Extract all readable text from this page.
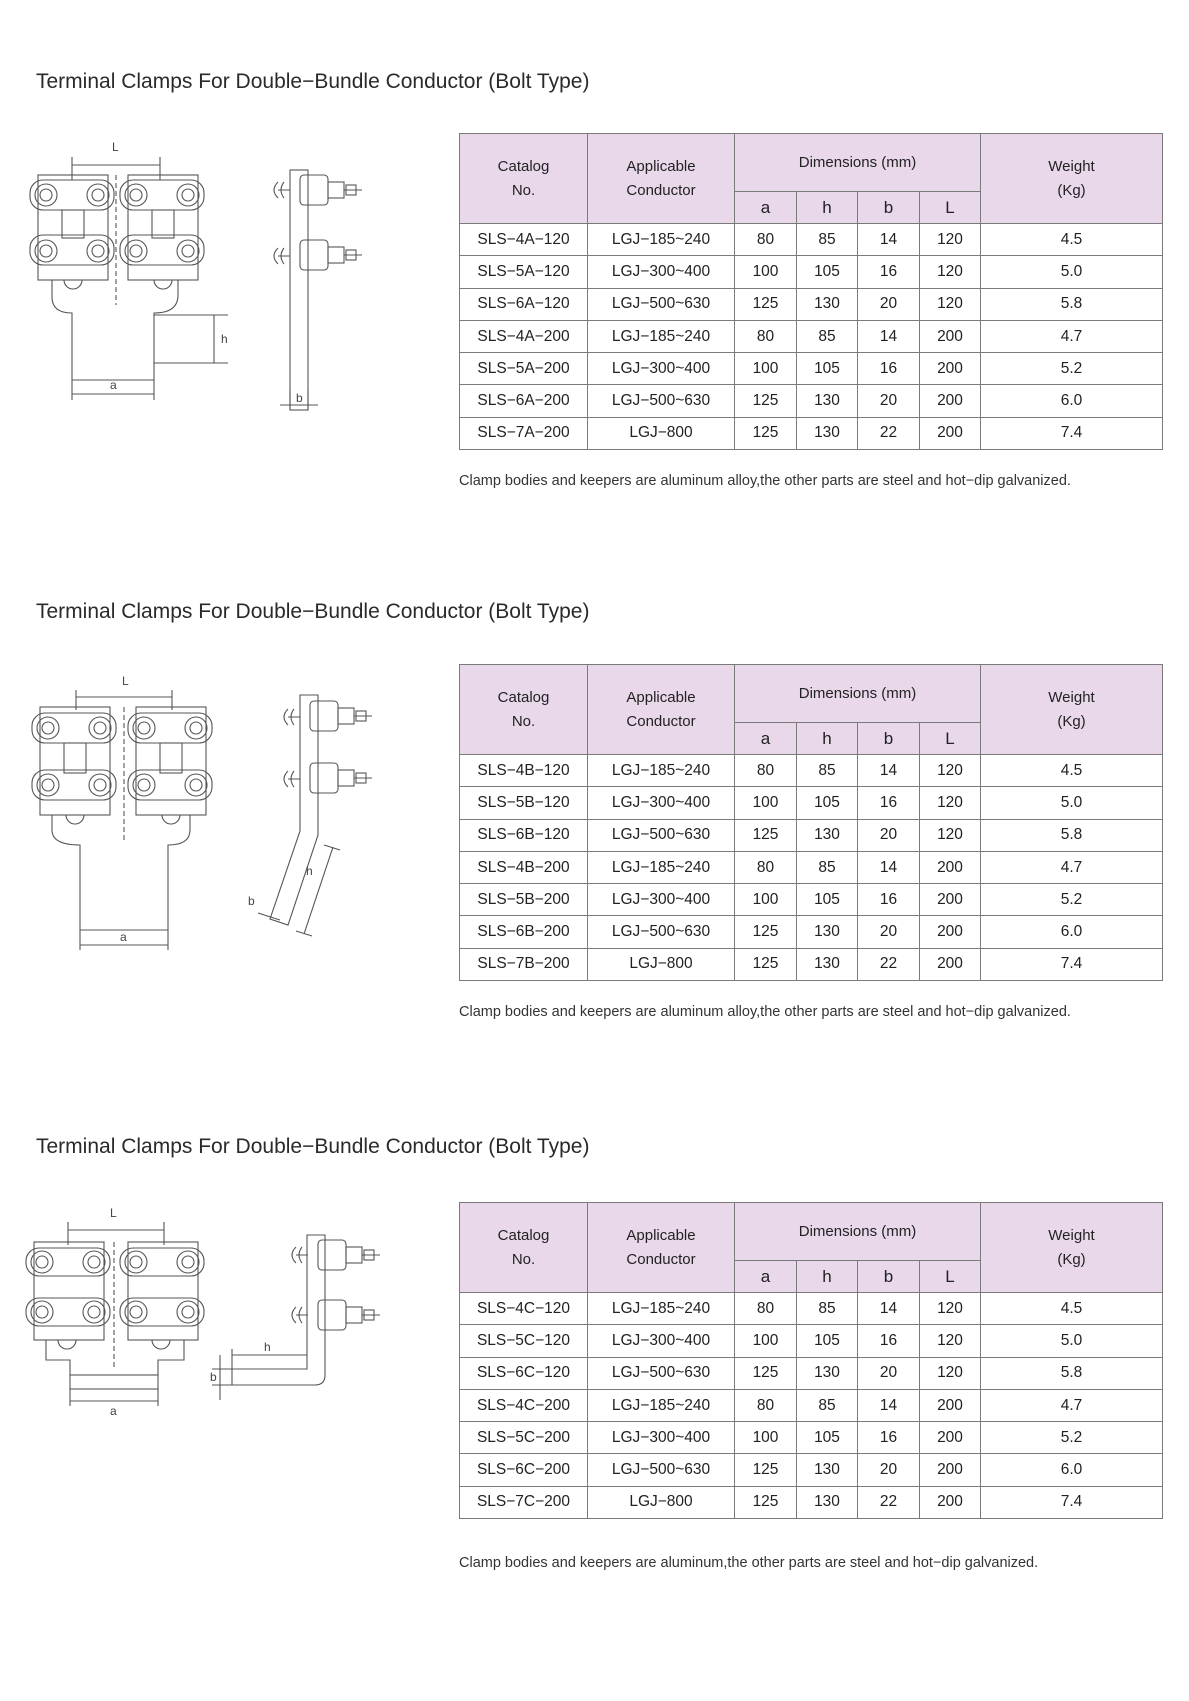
Terminal Clamps For Double−Bundle Conductor (Bolt Type)
L
h
a
b
Catalog
No.	Applicable
Conductor	Dimensions (mm)				Weight
(Kg)
		a	h	b	L	
SLS−4A−120	LGJ−185~240	80	85	14	120	4.5
SLS−5A−120	LGJ−300~400	100	105	16	120	5.0
SLS−6A−120	LGJ−500~630	125	130	20	120	5.8
SLS−4A−200	LGJ−185~240	80	85	14	200	4.7
SLS−5A−200	LGJ−300~400	100	105	16	200	5.2
SLS−6A−200	LGJ−500~630	125	130	20	200	6.0
SLS−7A−200	LGJ−800	125	130	22	200	7.4
Clamp bodies and keepers are aluminum alloy,the other parts are steel and hot−dip galvanized.
Terminal Clamps For Double−Bundle Conductor (Bolt Type)
L
a
h
b
Catalog
No.	Applicable
Conductor	Dimensions (mm)				Weight
(Kg)
		a	h	b	L	
SLS−4B−120	LGJ−185~240	80	85	14	120	4.5
SLS−5B−120	LGJ−300~400	100	105	16	120	5.0
SLS−6B−120	LGJ−500~630	125	130	20	120	5.8
SLS−4B−200	LGJ−185~240	80	85	14	200	4.7
SLS−5B−200	LGJ−300~400	100	105	16	200	5.2
SLS−6B−200	LGJ−500~630	125	130	20	200	6.0
SLS−7B−200	LGJ−800	125	130	22	200	7.4
Clamp bodies and keepers are aluminum alloy,the other parts are steel and hot−dip galvanized.
Terminal Clamps For Double−Bundle Conductor (Bolt Type)
L
a
h
b
Catalog
No.	Applicable
Conductor	Dimensions (mm)				Weight
(Kg)
		a	h	b	L	
SLS−4C−120	LGJ−185~240	80	85	14	120	4.5
SLS−5C−120	LGJ−300~400	100	105	16	120	5.0
SLS−6C−120	LGJ−500~630	125	130	20	120	5.8
SLS−4C−200	LGJ−185~240	80	85	14	200	4.7
SLS−5C−200	LGJ−300~400	100	105	16	200	5.2
SLS−6C−200	LGJ−500~630	125	130	20	200	6.0
SLS−7C−200	LGJ−800	125	130	22	200	7.4
Clamp bodies and keepers are aluminum,the other parts are steel and hot−dip galvanized.
